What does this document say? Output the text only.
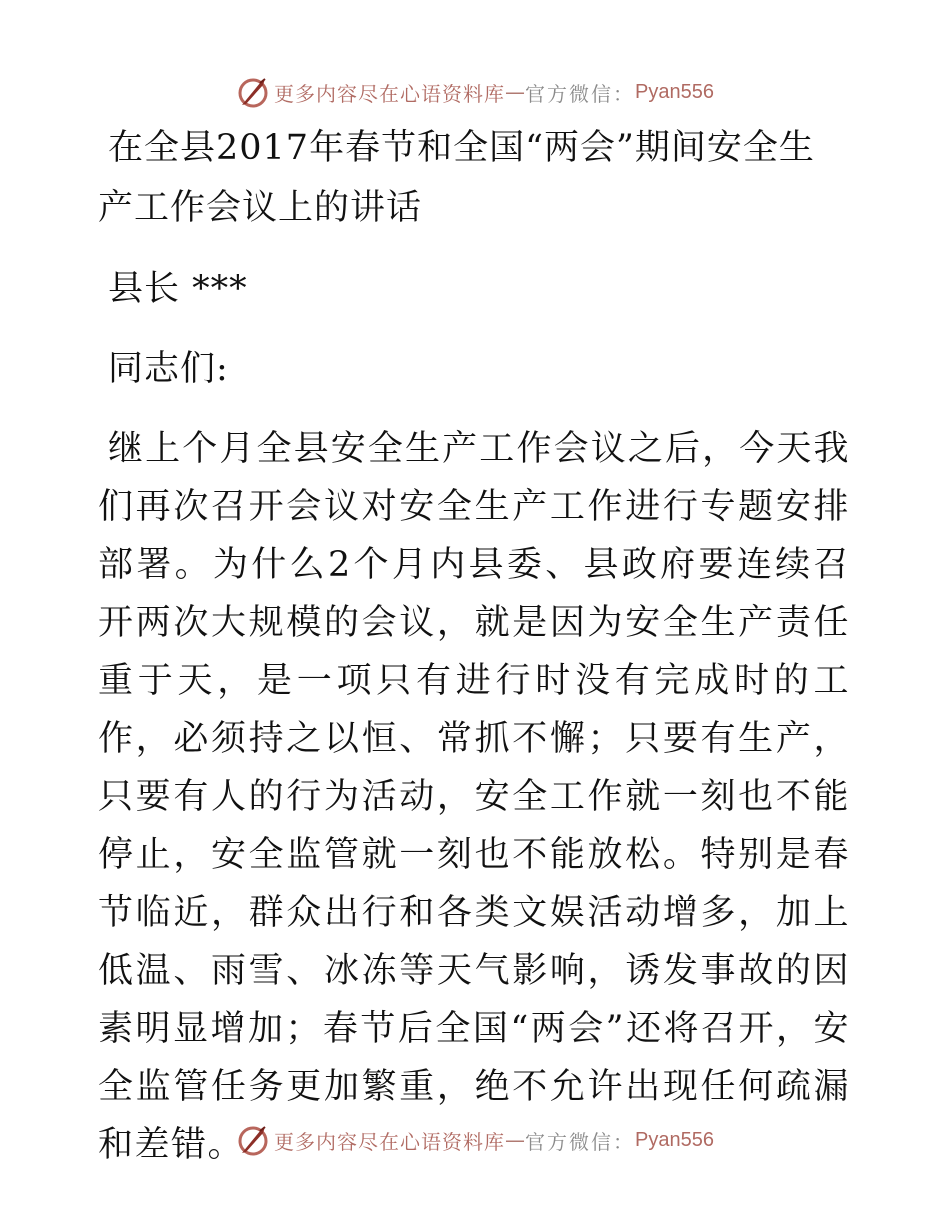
更多内容尽在心语资料库 — 官方微信： Pyan556
在全县2017年春节和全国“两会”期间安全生产工作会议上的讲话

县长 ***

同志们:

继上个月全县安全生产工作会议之后，今天我们再次召开会议对安全生产工作进行专题安排部署。为什么2个月内县委、县政府要连续召开两次大规模的会议，就是因为安全生产责任重于天，是一项只有进行时没有完成时的工作，必须持之以恒、常抓不懈；只要有生产，只要有人的行为活动，安全工作就一刻也不能停止，安全监管就一刻也不能放松。特别是春节临近，群众出行和各类文娱活动增多，加上低温、雨雪、冰冻等天气影响，诱发事故的因素明显增加；春节后全国“两会”还将召开，安全监管任务更加繁重，绝不允许出现任何疏漏和差错。	更多内容尽在心语资料库 — 官方微信： Pyan556
